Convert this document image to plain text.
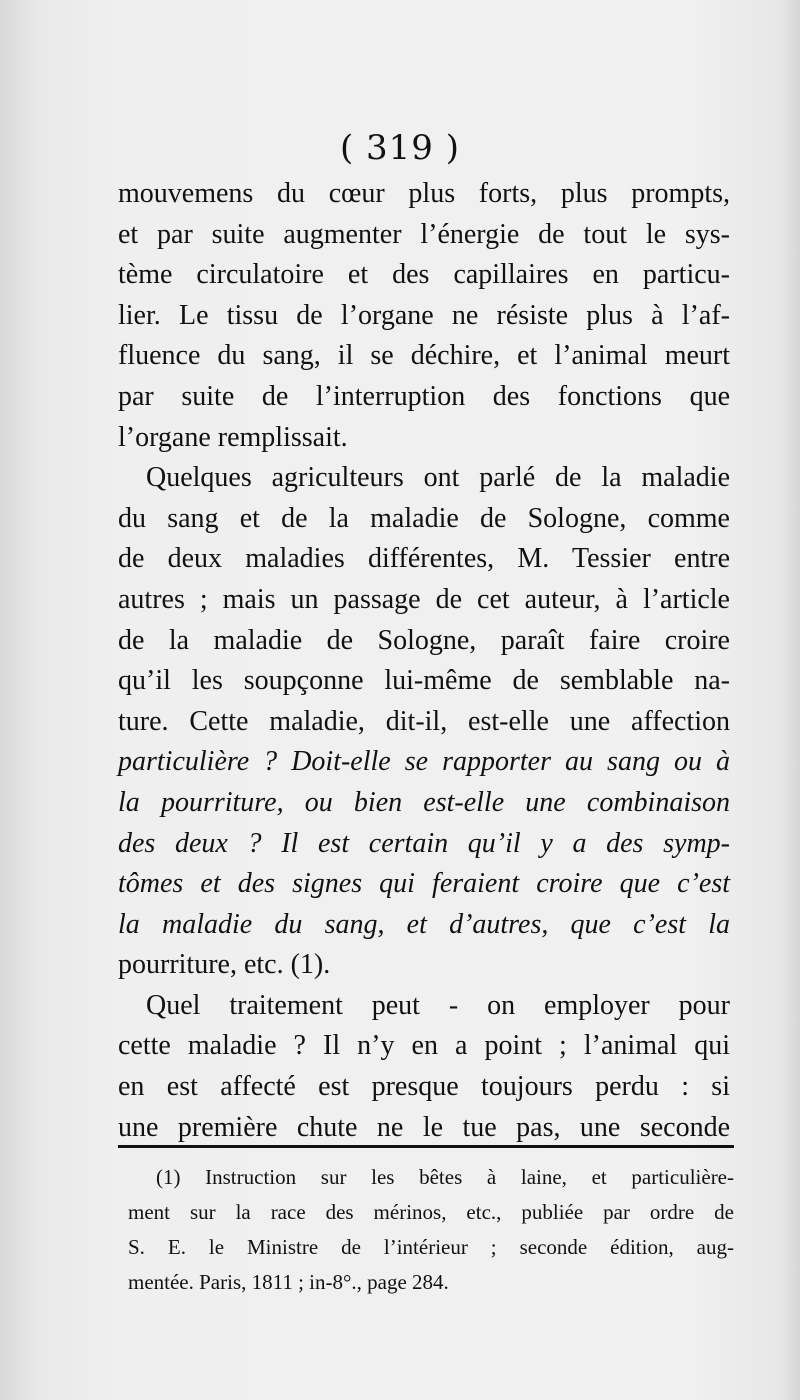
( 319 )
mouvemens du cœur plus forts, plus prompts,
et par suite augmenter l’énergie de tout le sys-
tème circulatoire et des capillaires en particu-
lier. Le tissu de l’organe ne résiste plus à l’af-
fluence du sang, il se déchire, et l’animal meurt
par suite de l’interruption des fonctions que
l’organe remplissait.
Quelques agriculteurs ont parlé de la maladie
du sang et de la maladie de Sologne, comme
de deux maladies différentes, M. Tessier entre
autres ; mais un passage de cet auteur, à l’article
de la maladie de Sologne, paraît faire croire
qu’il les soupçonne lui-même de semblable na-
ture. Cette maladie, dit-il, est-elle une affection
particulière ? Doit-elle se rapporter au sang ou à
la pourriture, ou bien est-elle une combinaison
des deux ? Il est certain qu’il y a des symp-
tômes et des signes qui feraient croire que c’est
la maladie du sang, et d’autres, que c’est la
pourriture, etc. (1).
Quel traitement peut - on employer pour
cette maladie ? Il n’y en a point ; l’animal qui
en est affecté est presque toujours perdu : si
une première chute ne le tue pas, une seconde
(1) Instruction sur les bêtes à laine, et particulière-
ment sur la race des mérinos, etc., publiée par ordre de
S. E. le Ministre de l’intérieur ; seconde édition, aug-
mentée. Paris, 1811 ; in-8°., page 284.
